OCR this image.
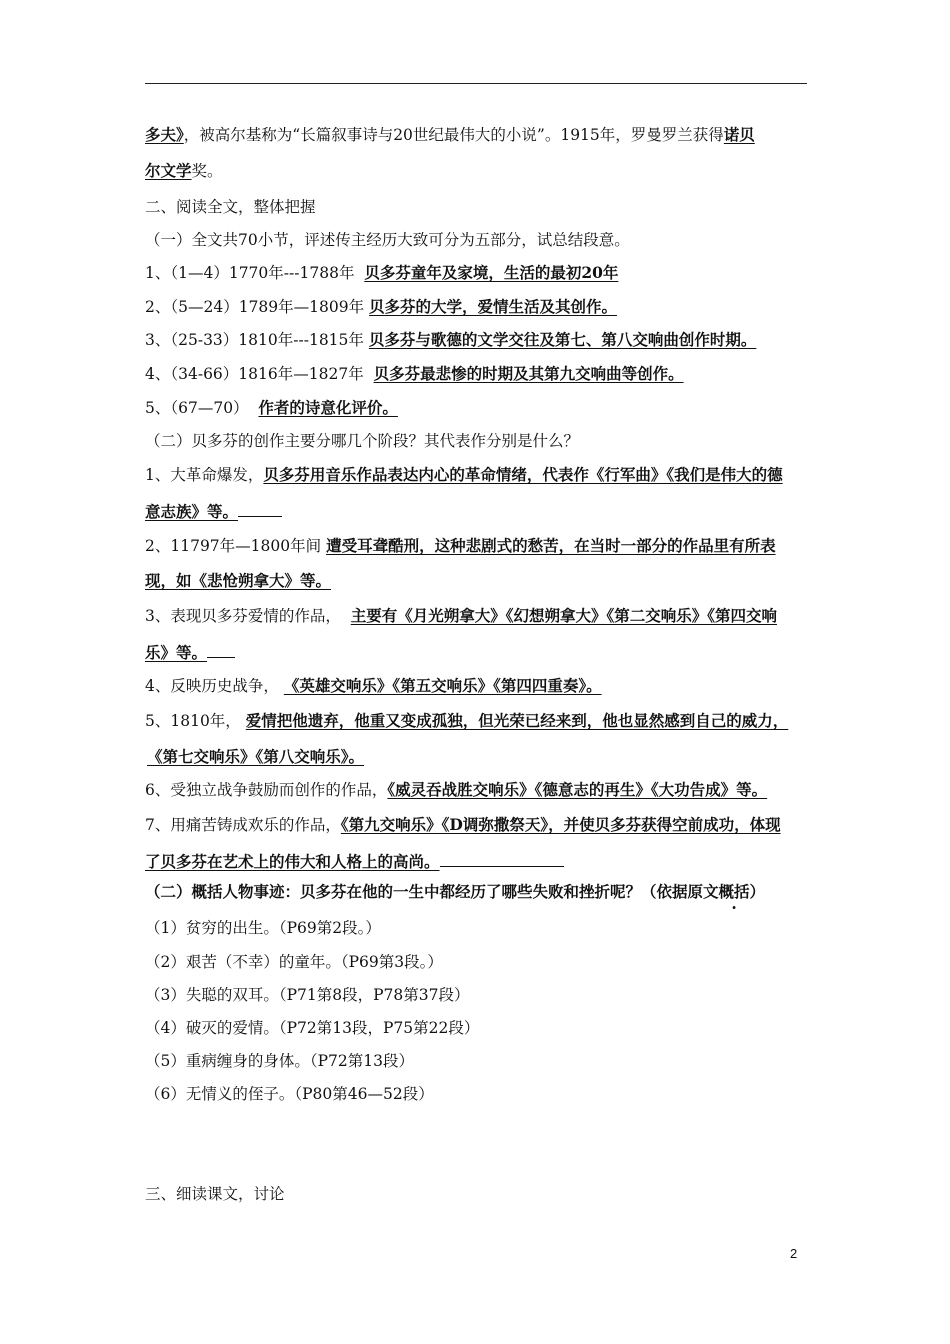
多夫》，被高尔基称为“长篇叙事诗与20世纪最伟大的小说”。1915年，罗曼罗兰获得诺贝
尔文学奖。
二、阅读全文，整体把握
（一）全文共70小节，评述传主经历大致可分为五部分，试总结段意。
1、（1—4）1770年---1788年 贝多芬童年及家境，生活的最初20年
2、（5—24）1789年—1809年 贝多芬的大学，爱情生活及其创作。
3、（25-33）1810年---1815年 贝多芬与歌德的文学交往及第七、第八交响曲创作时期。
4、（34-66）1816年—1827年 贝多芬最悲惨的时期及其第九交响曲等创作。
5、（67—70） 作者的诗意化评价。
（二）贝多芬的创作主要分哪几个阶段？其代表作分别是什么？
1、大革命爆发，贝多芬用音乐作品表达内心的革命情绪，代表作《行军曲》《我们是伟大的德
意志族》等。
2、11797年—1800年间 遭受耳聋酷刑，这种悲剧式的愁苦，在当时一部分的作品里有所表
现，如《悲怆朔拿大》等。
3、表现贝多芬爱情的作品， 主要有《月光朔拿大》《幻想朔拿大》《第二交响乐》《第四交响
乐》等。
4、反映历史战争， 《英雄交响乐》《第五交响乐》《第四四重奏》。
5、1810年， 爱情把他遗弃，他重又变成孤独，但光荣已经来到，他也显然感到自己的威力，
《第七交响乐》《第八交响乐》。
6、受独立战争鼓励而创作的作品，《威灵吞战胜交响乐》《德意志的再生》《大功告成》等。
7、用痛苦铸成欢乐的作品，《第九交响乐》《D调弥撒祭天》，并使贝多芬获得空前成功，体现
了贝多芬在艺术上的伟大和人格上的高尚。
（二）概括人物事迹：贝多芬在他的一生中都经历了哪些失败和挫折呢？（依据原文概括）
（1）贫穷的出生。（P69第2段。）
（2）艰苦（不幸）的童年。（P69第3段。）
（3）失聪的双耳。（P71第8段，P78第37段）
（4）破灭的爱情。（P72第13段，P75第22段）
（5）重病缠身的身体。（P72第13段）
（6）无情义的侄子。（P80第46—52段）
三、细读课文，讨论
2
